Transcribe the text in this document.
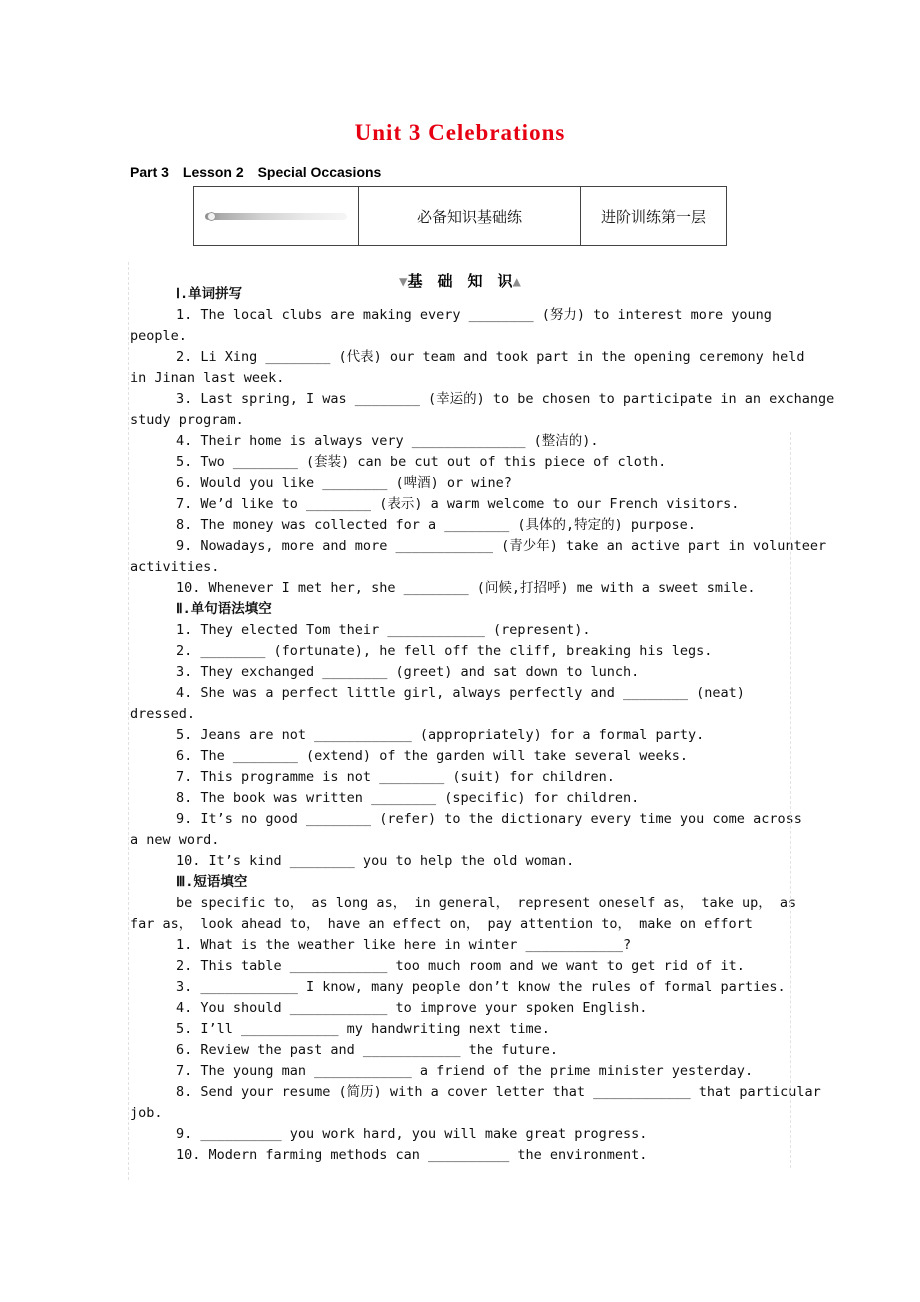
Unit 3 Celebrations
Part 3　Lesson 2　Special Occasions
	必备知识基础练	进阶训练第一层
▼基　础　知　识▲
Ⅰ.单词拼写
1. The local clubs are making every ________ (努力) to interest more young
people.
2. Li Xing ________ (代表) our team and took part in the opening ceremony held
in Jinan last week.
3. Last spring, I was ________ (幸运的) to be chosen to participate in an exchange
study program.
4. Their home is always very ______________ (整洁的).
5. Two ________ (套装) can be cut out of this piece of cloth.
6. Would you like ________ (啤酒) or wine?
7. We’d like to ________ (表示) a warm welcome to our French visitors.
8. The money was collected for a ________ (具体的,特定的) purpose.
9. Nowadays, more and more ____________ (青少年) take an active part in volunteer
activities.
10. Whenever I met her, she ________ (问候,打招呼) me with a sweet smile.
Ⅱ.单句语法填空
1. They elected Tom their ____________ (represent).
2. ________ (fortunate), he fell off the cliff, breaking his legs.
3. They exchanged ________ (greet) and sat down to lunch.
4. She was a perfect little girl, always perfectly and ________ (neat)
dressed.
5. Jeans are not ____________ (appropriately) for a formal party.
6. The ________ (extend) of the garden will take several weeks.
7. This programme is not ________ (suit) for children.
8. The book was written ________ (specific) for children.
9. It’s no good ________ (refer) to the dictionary every time you come across
a new word.
10. It’s kind ________ you to help the old woman.
Ⅲ.短语填空
be specific to， as long as， in general， represent oneself as， take up， as
far as， look ahead to， have an effect on， pay attention to， make on effort
1. What is the weather like here in winter ____________?
2. This table ____________ too much room and we want to get rid of it.
3. ____________ I know, many people don’t know the rules of formal parties.
4. You should ____________ to improve your spoken English.
5. I’ll ____________ my handwriting next time.
6. Review the past and ____________ the future.
7. The young man ____________ a friend of the prime minister yesterday.
8. Send your resume (简历) with a cover letter that ____________ that particular
job.
9. __________ you work hard, you will make great progress.
10. Modern farming methods can __________ the environment.
